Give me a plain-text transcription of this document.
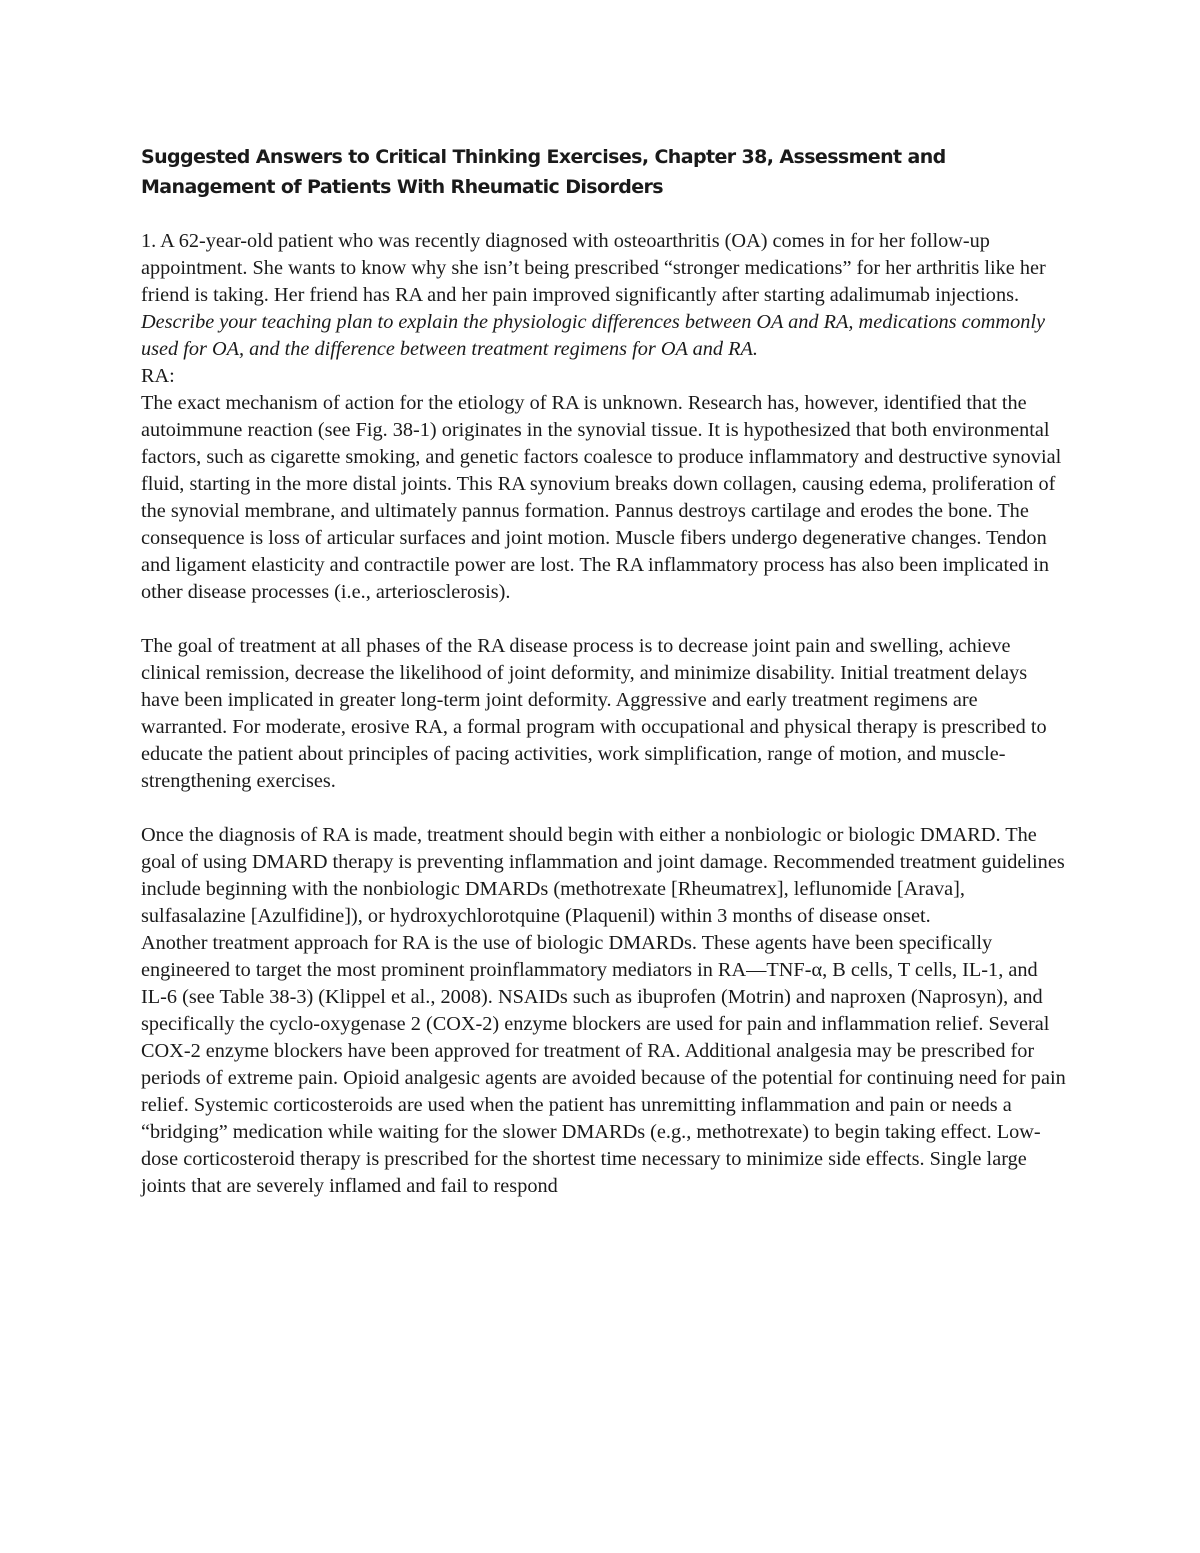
Suggested Answers to Critical Thinking Exercises, Chapter 38, Assessment and Management of Patients With Rheumatic Disorders

1. A 62-year-old patient who was recently diagnosed with osteoarthritis (OA) comes in for her follow-up appointment. She wants to know why she isn’t being prescribed “stronger medications” for her arthritis like her friend is taking. Her friend has RA and her pain improved significantly after starting adalimumab injections.

Describe your teaching plan to explain the physiologic differences between OA and RA, medications commonly used for OA, and the difference between treatment regimens for OA and RA.

RA:

The exact mechanism of action for the etiology of RA is unknown. Research has, however, identified that the autoimmune reaction (see Fig. 38-1) originates in the synovial tissue. It is hypothesized that both environmental factors, such as cigarette smoking, and genetic factors coalesce to produce inflammatory and destructive synovial fluid, starting in the more distal joints. This RA synovium breaks down collagen, causing edema, proliferation of the synovial membrane, and ultimately pannus formation. Pannus destroys cartilage and erodes the bone. The consequence is loss of articular surfaces and joint motion. Muscle fibers undergo degenerative changes. Tendon and ligament elasticity and contractile power are lost. The RA inflammatory process has also been implicated in other disease processes (i.e., arteriosclerosis).

The goal of treatment at all phases of the RA disease process is to decrease joint pain and swelling, achieve clinical remission, decrease the likelihood of joint deformity, and minimize disability. Initial treatment delays have been implicated in greater long-term joint deformity. Aggressive and early treatment regimens are warranted. For moderate, erosive RA, a formal program with occupational and physical therapy is prescribed to educate the patient about principles of pacing activities, work simplification, range of motion, and muscle-strengthening exercises.

Once the diagnosis of RA is made, treatment should begin with either a nonbiologic or biologic DMARD. The goal of using DMARD therapy is preventing inflammation and joint damage. Recommended treatment guidelines include beginning with the nonbiologic DMARDs (methotrexate [Rheumatrex], leflunomide [Arava], sulfasalazine [Azulfidine]), or hydroxychlorotquine (Plaquenil) within 3 months of disease onset.

Another treatment approach for RA is the use of biologic DMARDs. These agents have been specifically engineered to target the most prominent proinflammatory mediators in RA—TNF-α, B cells, T cells, IL-1, and IL-6 (see Table 38-3) (Klippel et al., 2008). NSAIDs such as ibuprofen (Motrin) and naproxen (Naprosyn), and specifically the cyclo-oxygenase 2 (COX-2) enzyme blockers are used for pain and inflammation relief. Several COX-2 enzyme blockers have been approved for treatment of RA. Additional analgesia may be prescribed for periods of extreme pain. Opioid analgesic agents are avoided because of the potential for continuing need for pain relief. Systemic corticosteroids are used when the patient has unremitting inflammation and pain or needs a “bridging” medication while waiting for the slower DMARDs (e.g., methotrexate) to begin taking effect. Low-dose corticosteroid therapy is prescribed for the shortest time necessary to minimize side effects. Single large joints that are severely inflamed and fail to respond
